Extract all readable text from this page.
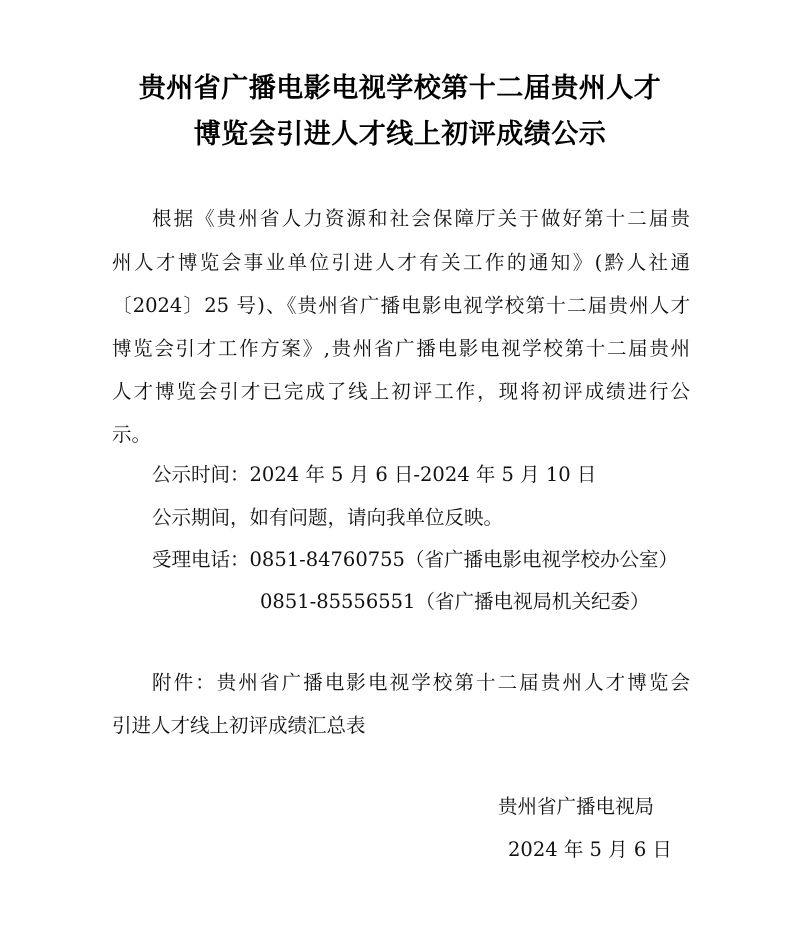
贵州省广播电影电视学校第十二届贵州人才
博览会引进人才线上初评成绩公示
根据《贵州省人力资源和社会保障厅关于做好第十二届贵
州人才博览会事业单位引进人才有关工作的通知》(黔人社通
〔2024〕25 号)、《贵州省广播电影电视学校第十二届贵州人才
博览会引才工作方案》,贵州省广播电影电视学校第十二届贵州
人才博览会引才已完成了线上初评工作，现将初评成绩进行公
示。
公示时间：2024 年 5 月 6 日-2024 年 5 月 10 日
公示期间，如有问题，请向我单位反映。
受理电话：0851-84760755（省广播电影电视学校办公室）
0851-85556551（省广播电视局机关纪委）
附件：贵州省广播电影电视学校第十二届贵州人才博览会
引进人才线上初评成绩汇总表
贵州省广播电视局
2024 年 5 月 6 日
